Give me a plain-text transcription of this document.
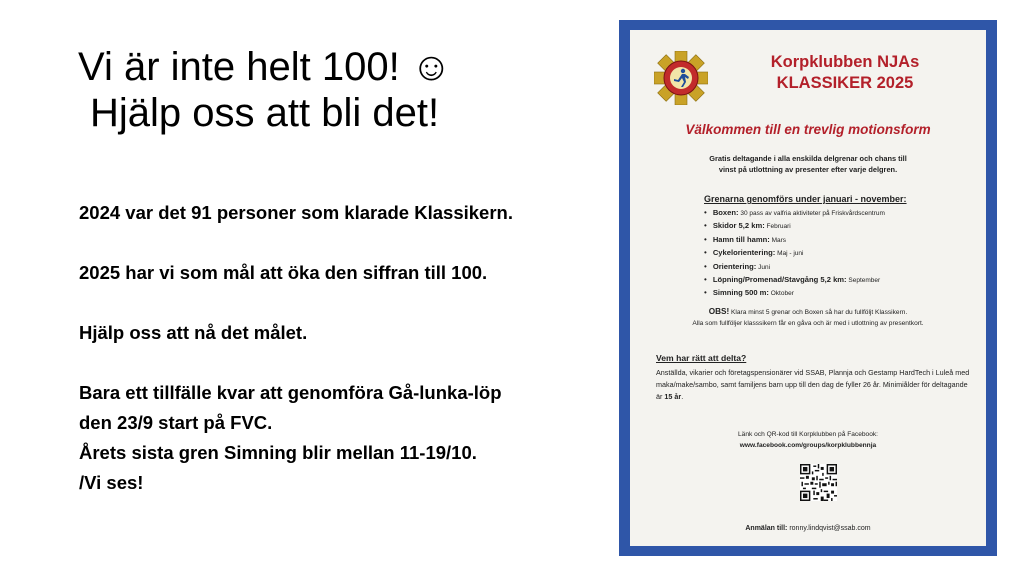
Vi är inte helt 100! ☺
Hjälp oss att bli det!

2024 var det 91 personer som klarade Klassikern.

2025 har vi som mål att öka den siffran till 100.

Hjälp oss att nå det målet.

Bara ett tillfälle kvar att genomföra Gå-lunka-löp

den 23/9 start på FVC.

Årets sista gren Simning blir mellan 11-19/10.

/Vi ses!

Korpklubben NJAs
KLASSIKER 2025
Välkommen till en trevlig motionsform
Gratis deltagande i alla enskilda delgrenar och chans till
vinst på utlottning av presenter efter varje delgren.
Grenarna genomförs under januari - november:
• Boxen: 30 pass av valfria aktiviteter på Friskvårdscentrum
• Skidor 5,2 km: Februari
• Hamn till hamn: Mars
• Cykelorientering: Maj - juni
• Orientering: Juni
• Löpning/Promenad/Stavgång 5,2 km: September
• Simning 500 m: Oktober
OBS! Klara minst 5 grenar och Boxen så har du fullföljt Klassikern.
Alla som fullföljer klasssikern får en gåva och är med i utlottning av presentkort.
Vem har rätt att delta?
Anställda, vikarier och företagspensionärer vid SSAB, Plannja och Gestamp HardTech i Luleå med maka/make/sambo, samt familjens barn upp till den dag de fyller 26 år. Minimiålder för deltagande är 15 år.
Länk och QR-kod till Korpklubben på Facebook:
www.facebook.com/groups/korpklubbennja
Anmälan till: ronny.lindqvist@ssab.com
